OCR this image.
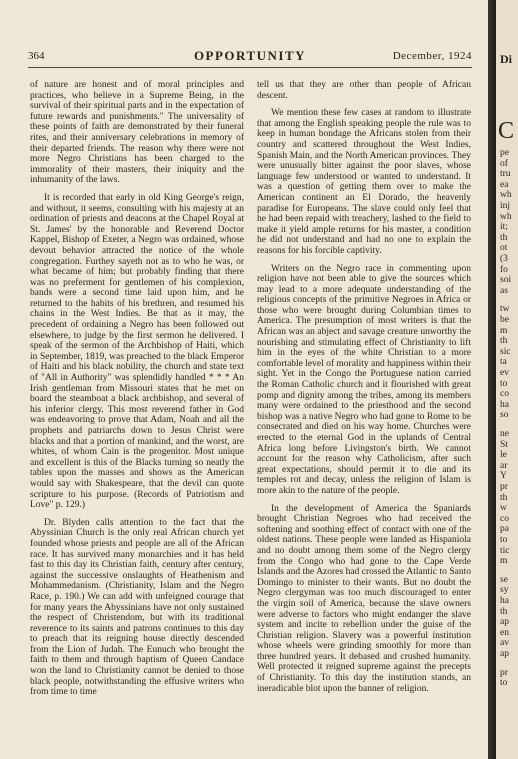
364	OPPORTUNITY	December, 1924

of nature are honest and of moral principles and practices, who believe in a Supreme Being, in the survival of their spiritual parts and in the expectation of future rewards and punishments." The universality of these points of faith are demonstrated by their funeral rites, and their anniversary celebrations in memory of their departed friends. The reason why there were not more Negro Christians has been charged to the immorality of their masters, their iniquity and the inhumanity of the laws.

It is recorded that early in old King George's reign, and without, it seems, consulting with his majesty at an ordination of priests and deacons at the Chapel Royal at St. James' by the honorable and Reverend Doctor Kappel, Bishop of Exeter, a Negro was ordained, whose devout behavior attracted the notice of the whole congregation. Furthey sayeth not as to who he was, or what became of him; but probably finding that there was no preferment for gentlemen of his complexion, bands were a second time laid upon him, and he returned to the habits of his brethren, and resumed his chains in the West Indies. Be that as it may, the precedent of ordaining a Negro has been followed out elsewhere, to judge by the first sermon he delivered. I speak of the sermon of the Archbishop of Haiti, which in September, 1819, was preached to the black Emperor of Haiti and his black nobility, the church and state text of "All in Authority" was splendidly handled * * * An Irish gentleman from Missouri states that he met on board the steamboat a black archbishop, and several of his inferior clergy. This most reverend father in God was endeavoring to prove that Adam, Noah and all the prophets and patriarchs down to Jesus Christ were blacks and that a portion of mankind, and the worst, are whites, of whom Cain is the progenitor. Most unique and excellent is this of the Blacks turning so neatly the tables upon the masses and shows as the American would say with Shakespeare, that the devil can quote scripture to his purpose. (Records of Patriotism and Love" p. 129.)

Dr. Blyden calls attention to the fact that the Abyssinian Church is the only real African church yet founded whose priests and people are all of the African race. It has survived many monarchies and it has held fast to this day its Christian faith, century after century, against the successive onslaughts of Heathenism and Mohammedanism. (Christianity, Islam and the Negro Race, p. 190.) We can add with unfeigned courage that for many years the Abyssinians have not only sustained the respect of Christendom, but with its traditional reverence to its saints and patrons continues to this day to preach that its reigning house directly descended from the Lion of Judah. The Eunuch who brought the faith to them and through baptism of Queen Candace won the land to Christianity cannot be denied to those black people, notwithstanding the effusive writers who from time to time

tell us that they are other than people of African descent.

We mention these few cases at random to illustrate that among the English speaking people the rule was to keep in human bondage the Africans stolen from their country and scattered throughout the West Indies, Spanish Main, and the North American provinces. They were unusually bitter against the poor slaves, whose language few understood or wanted to understand. It was a question of getting them over to make the American continent an El Dorado, the heavenly paradise for Europeans. The slave could only feel that he had been repaid with treachery, lashed to the field to make it yield ample returns for his master, a condition he did not understand and had no one to explain the reasons for his forcible captivity.

Writers on the Negro race in commenting upon religion have not been able to give the sources which may lead to a more adequate understanding of the religious concepts of the primitive Negroes in Africa or those who were brought during Columbian times to America. The presumption of most writers is that the African was an abject and savage creature unworthy the nourishing and stimulating effect of Christianity to lift him in the eyes of the white Christian to a more comfortable level of morality and happiness within their sight. Yet in the Congo the Portuguese nation carried the Roman Catholic church and it flourished with great pomp and dignity among the tribes, among its members many were ordained to the priesthood and the second bishop was a native Negro who had gone to Rome to be consecrated and died on his way home. Churches were erected to the eternal God in the uplands of Central Africa long before Livingston's birth. We cannot account for the reason why Catholicism, after such great expectations, should permit it to die and its temples rot and decay, unless the religion of Islam is more akin to the nature of the people.

In the development of America the Spaniards brought Christian Negroes who had received the softening and soothing effect of contact with one of the oldest nations. These people were landed as Hispaniola and no doubt among them some of the Negro clergy from the Congo who had gone to the Cape Verde Islands and the Azores had crossed the Atlantic to Santo Domingo to minister to their wants. But no doubt the Negro clergyman was too much discouraged to enter the virgin soil of America, because the slave owners were adverse to factors who might endanger the slave system and incite to rebellion under the guise of the Christian religion. Slavery was a powerful institution whose wheels were grinding smoothly for more than three hundred years. It debased and crushed humanity. Well protected it reigned supreme against the precepts of Christianity. To this day the institution stands, an ineradicable blot upon the banner of religion.

Di
C
pe
of
tru
ea
wh
inj
wh
it;
th
ot
(3
fo
soi
as
tw
be
m
th
sic
ta
ev
to
co
ha
so
ne
St
le
ar
Y
pr
th
w
co
pa
to
tic
m
se
sy
ha
th
ap
en
av
ap
pr
to
